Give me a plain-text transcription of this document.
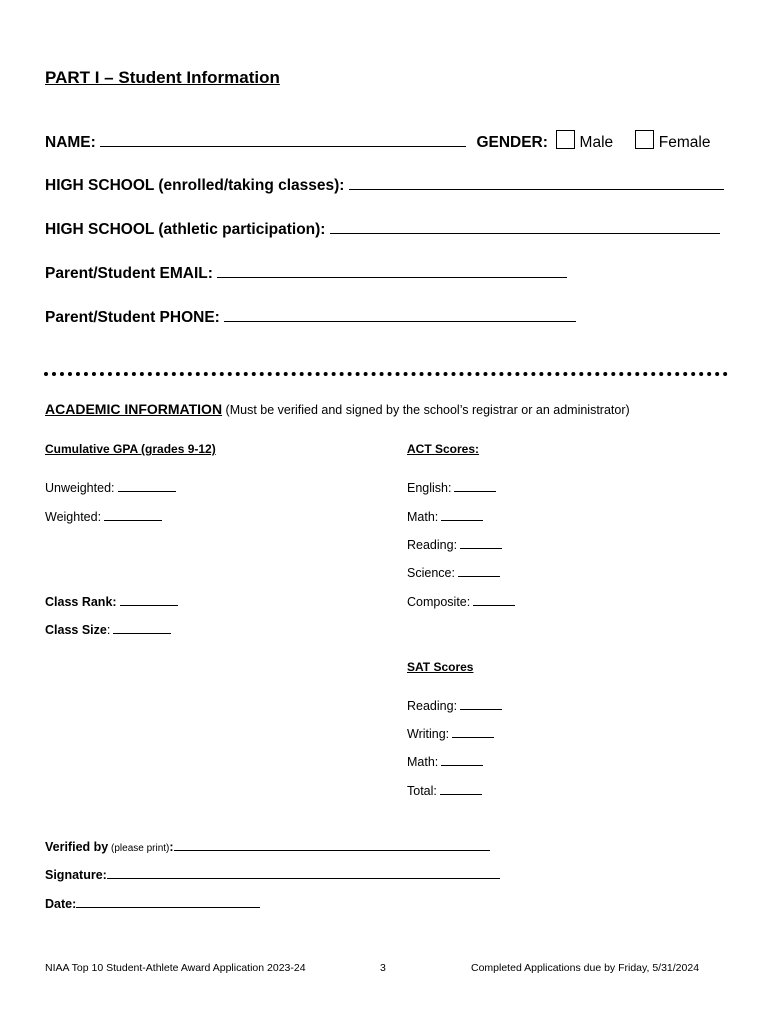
PART I – Student Information
NAME:	GENDER: Male	Female
HIGH SCHOOL (enrolled/taking classes):
HIGH SCHOOL (athletic participation):
Parent/Student EMAIL:
Parent/Student PHONE:
ACADEMIC INFORMATION (Must be verified and signed by the school’s registrar or an administrator)
Cumulative GPA (grades 9-12)
Unweighted:
Weighted:
Class Rank:
Class Size:
ACT Scores:
English:
Math:
Reading:
Science:
Composite:
SAT Scores
Reading:
Writing:
Math:
Total:
Verified by (please print):
Signature:
Date:
NIAA Top 10 Student-Athlete Award Application 2023-24	3	Completed Applications due by Friday, 5/31/2024
